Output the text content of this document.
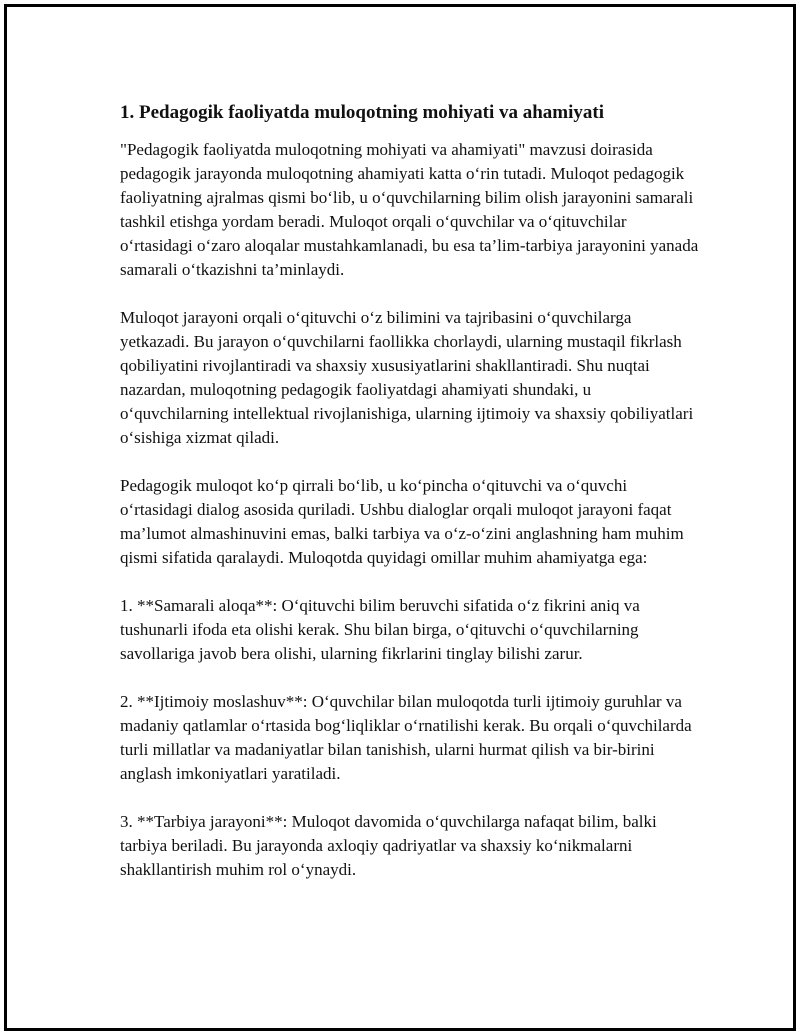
1. Pedagogik faoliyatda muloqotning mohiyati va ahamiyati

"Pedagogik faoliyatda muloqotning mohiyati va ahamiyati" mavzusi doirasida pedagogik jarayonda muloqotning ahamiyati katta o‘rin tutadi. Muloqot pedagogik faoliyatning ajralmas qismi bo‘lib, u o‘quvchilarning bilim olish jarayonini samarali tashkil etishga yordam beradi. Muloqot orqali o‘quvchilar va o‘qituvchilar o‘rtasidagi o‘zaro aloqalar mustahkamlanadi, bu esa ta’lim-tarbiya jarayonini yanada samarali o‘tkazishni ta’minlaydi.

Muloqot jarayoni orqali o‘qituvchi o‘z bilimini va tajribasini o‘quvchilarga yetkazadi. Bu jarayon o‘quvchilarni faollikka chorlaydi, ularning mustaqil fikrlash qobiliyatini rivojlantiradi va shaxsiy xususiyatlarini shakllantiradi. Shu nuqtai nazardan, muloqotning pedagogik faoliyatdagi ahamiyati shundaki, u o‘quvchilarning intellektual rivojlanishiga, ularning ijtimoiy va shaxsiy qobiliyatlari o‘sishiga xizmat qiladi.

Pedagogik muloqot ko‘p qirrali bo‘lib, u ko‘pincha o‘qituvchi va o‘quvchi o‘rtasidagi dialog asosida quriladi. Ushbu dialoglar orqali muloqot jarayoni faqat ma’lumot almashinuvini emas, balki tarbiya va o‘z-o‘zini anglashning ham muhim qismi sifatida qaralaydi. Muloqotda quyidagi omillar muhim ahamiyatga ega:

1. **Samarali aloqa**: O‘qituvchi bilim beruvchi sifatida o‘z fikrini aniq va tushunarli ifoda eta olishi kerak. Shu bilan birga, o‘qituvchi o‘quvchilarning savollariga javob bera olishi, ularning fikrlarini tinglay bilishi zarur.

2. **Ijtimoiy moslashuv**: O‘quvchilar bilan muloqotda turli ijtimoiy guruhlar va madaniy qatlamlar o‘rtasida bog‘liqliklar o‘rnatilishi kerak. Bu orqali o‘quvchilarda turli millatlar va madaniyatlar bilan tanishish, ularni hurmat qilish va bir-birini anglash imkoniyatlari yaratiladi.

3. **Tarbiya jarayoni**: Muloqot davomida o‘quvchilarga nafaqat bilim, balki tarbiya beriladi. Bu jarayonda axloqiy qadriyatlar va shaxsiy ko‘nikmalarni shakllantirish muhim rol o‘ynaydi.
